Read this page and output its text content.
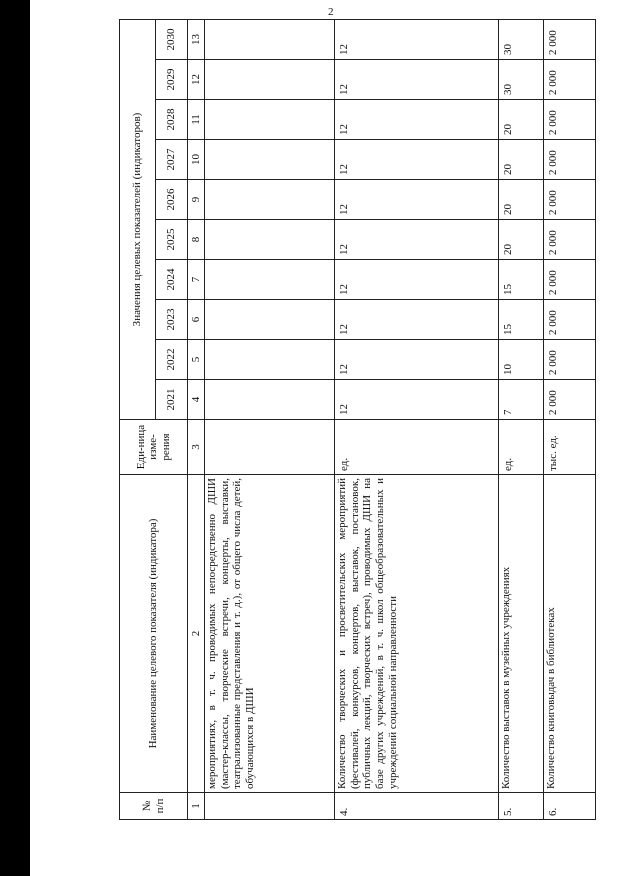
2
№ п/п	Наименование целевого показателя (индикатора)	Еди-ница изме-рения	Значения целевых показателей (индикаторов)									
			2021	2022	2023	2024	2025	2026	2027	2028	2029	2030
1	2	3	4	5	6	7	8	9	10	11	12	13
	мероприятиях, в т. ч. проводимых непосредственно ДШИ (мастер-классы, творческие встречи, концерты, выставки, театрализованные представления и т. д.), от общего числа детей, обучающихся в ДШИ											
4.	Количество творческих и просветительских мероприятий (фестивалей, конкурсов, концертов, выставок, постановок, публичных лекций, творческих встреч), проводимых ДШИ на базе других учреждений, в т. ч. школ общеобразовательных и учреждений социальной направленности	ед.	12	12	12	12	12	12	12	12	12	12
5.	Количество выставок в музейных учреждениях	ед.	7	10	15	15	20	20	20	20	30	30
6.	Количество книговыдач в библиотеках	тыс. ед.	2 000	2 000	2 000	2 000	2 000	2 000	2 000	2 000	2 000	2 000
